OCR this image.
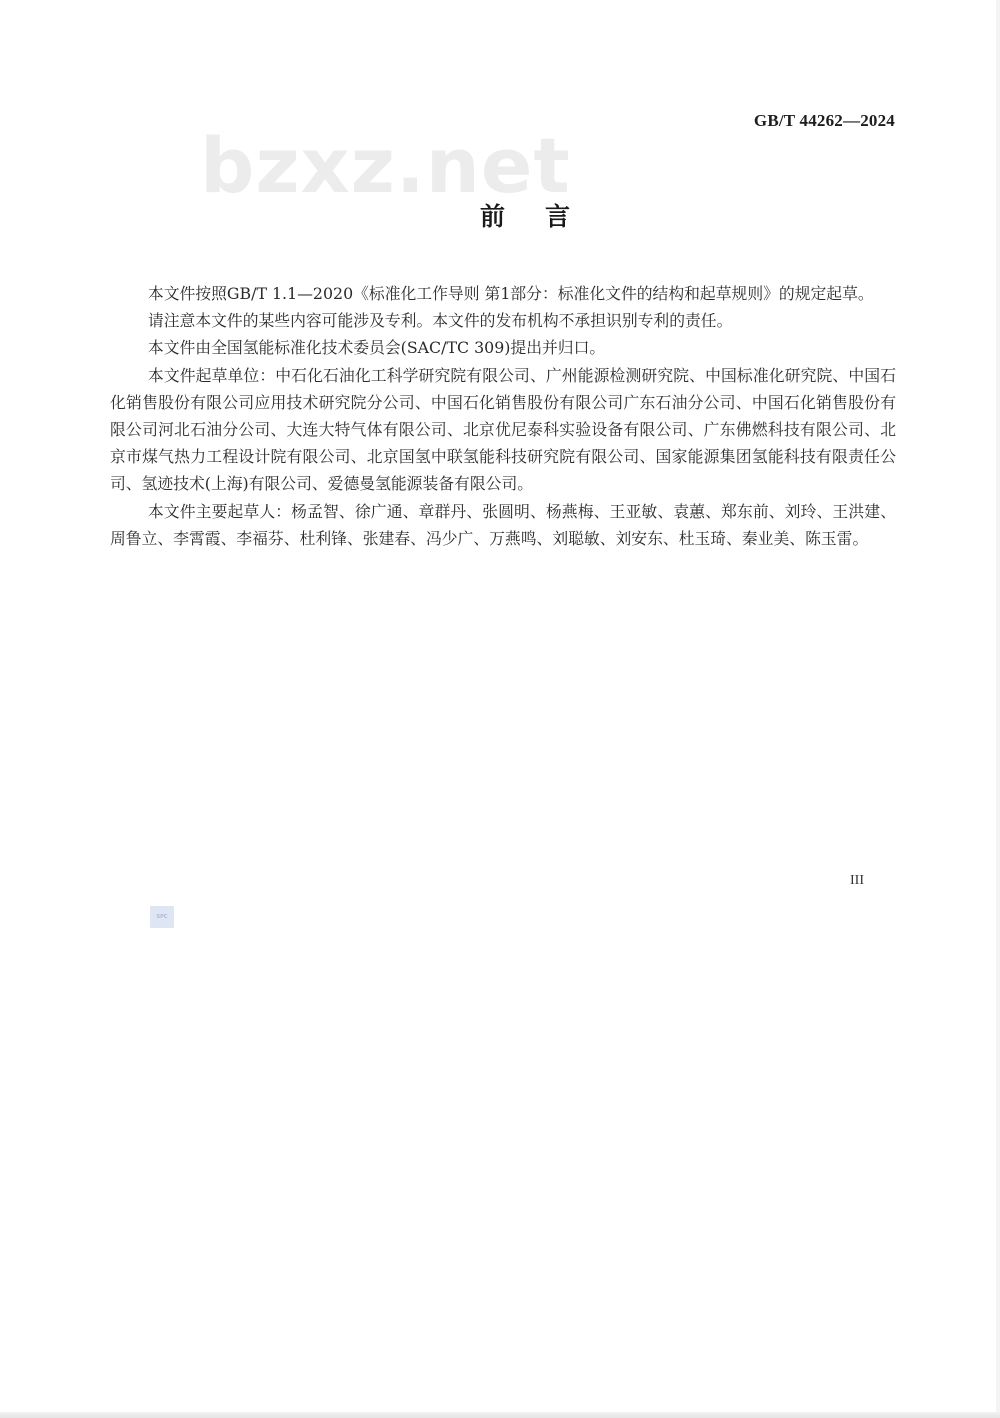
GB/T 44262—2024
bzxz.net
前言

本文件按照GB/T 1.1—2020《标准化工作导则 第1部分：标准化文件的结构和起草规则》的规定起草。

请注意本文件的某些内容可能涉及专利。本文件的发布机构不承担识别专利的责任。

本文件由全国氢能标准化技术委员会(SAC/TC 309)提出并归口。

本文件起草单位：中石化石油化工科学研究院有限公司、广州能源检测研究院、中国标准化研究院、中国石化销售股份有限公司应用技术研究院分公司、中国石化销售股份有限公司广东石油分公司、中国石化销售股份有限公司河北石油分公司、大连大特气体有限公司、北京优尼泰科实验设备有限公司、广东佛燃科技有限公司、北京市煤气热力工程设计院有限公司、北京国氢中联氢能科技研究院有限公司、国家能源集团氢能科技有限责任公司、氢迹技术(上海)有限公司、爱德曼氢能源装备有限公司。

本文件主要起草人：杨孟智、徐广通、章群丹、张圆明、杨燕梅、王亚敏、袁蕙、郑东前、刘玲、王洪建、周鲁立、李霄霞、李福芬、杜利锋、张建春、冯少广、万燕鸣、刘聪敏、刘安东、杜玉琦、秦业美、陈玉雷。

III
SPC
